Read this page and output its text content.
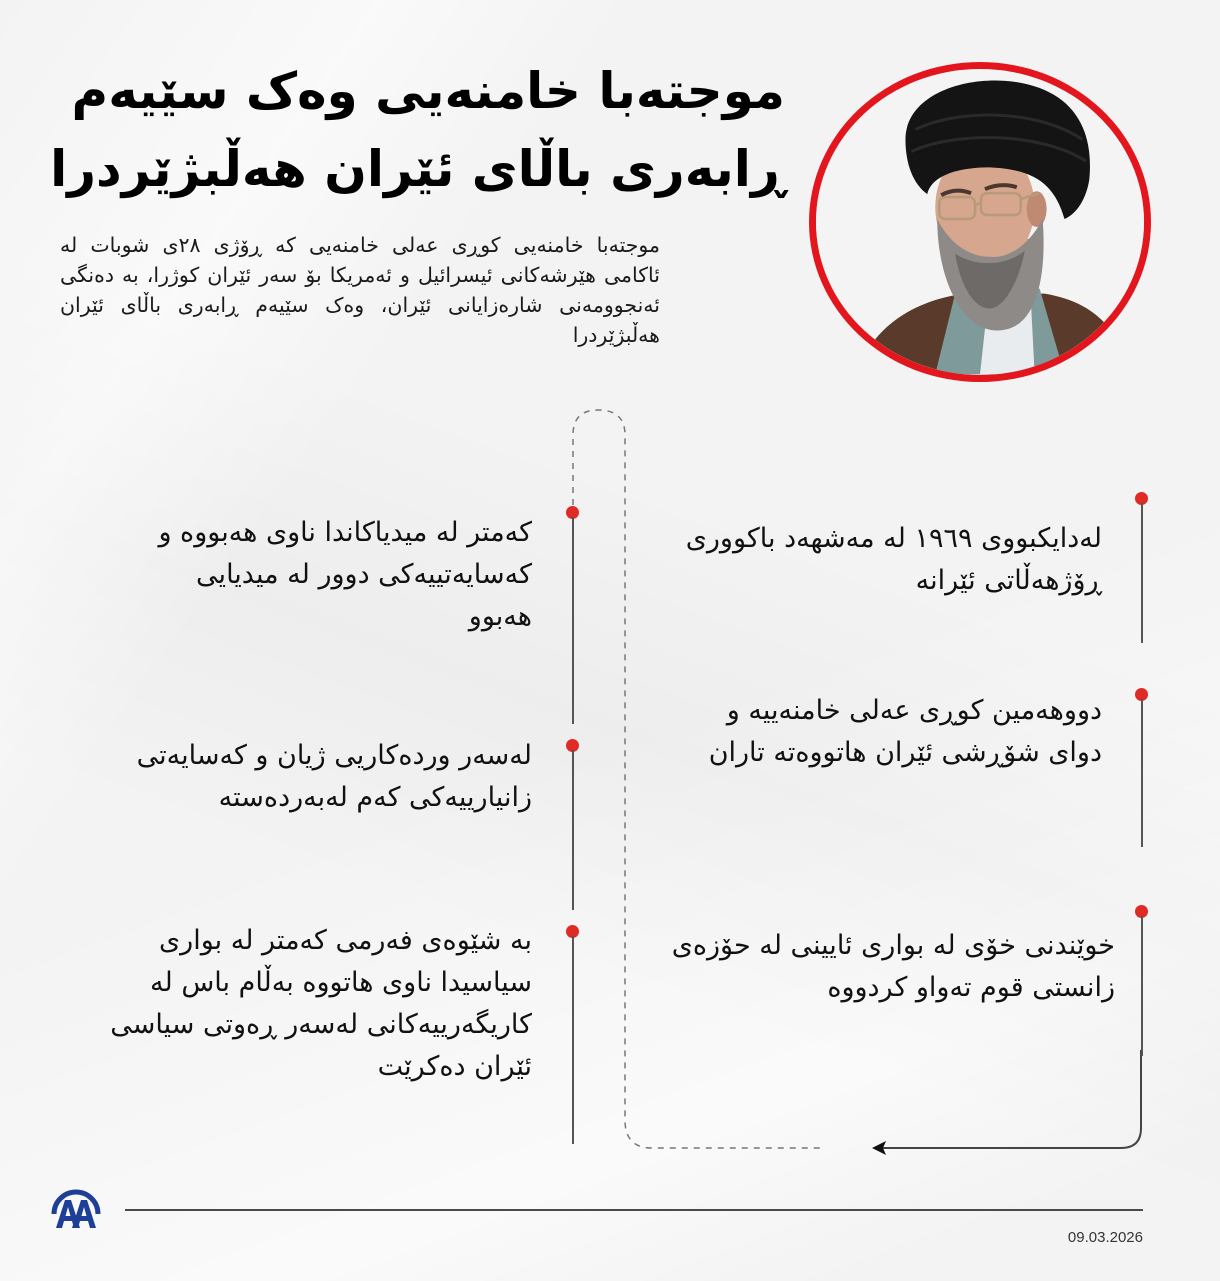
موجتەبا خامنەیی وەک سێیەم
ڕابەری باڵای ئێران هەڵبژێردرا
موجتەبا خامنەیی کوڕی عەلی خامنەیی کە ڕۆژی ٢٨ی شوبات لە ئاکامی هێرشەکانی ئیسرائیل و ئەمریکا بۆ سەر ئێران کوژرا، بە دەنگی ئەنجوومەنی شارەزایانی ئێران، وەک سێیەم ڕابەری باڵای ئێران هەڵبژێردرا
لەدایکبووی ١٩٦٩ لە مەشهەد باکووری ڕۆژهەڵاتی ئێرانە
دووهەمین کوڕی عەلی خامنەییە و دوای شۆڕشی ئێران هاتووەتە تاران
خوێندنی خۆی لە بواری ئایینی لە حۆزەی زانستی قوم تەواو کردووە
کەمتر لە میدیاکاندا ناوی هەبووە و کەسایەتییەکی دوور لە میدیایی هەبوو
لەسەر وردەکاریی ژیان و کەسایەتی زانیارییەکی کەم لەبەردەستە
بە شێوەی فەرمی کەمتر لە بواری سیاسیدا ناوی هاتووە بەڵام باس لە کاریگەرییەکانی لەسەر ڕەوتی سیاسی ئێران دەکرێت
09.03.2026
